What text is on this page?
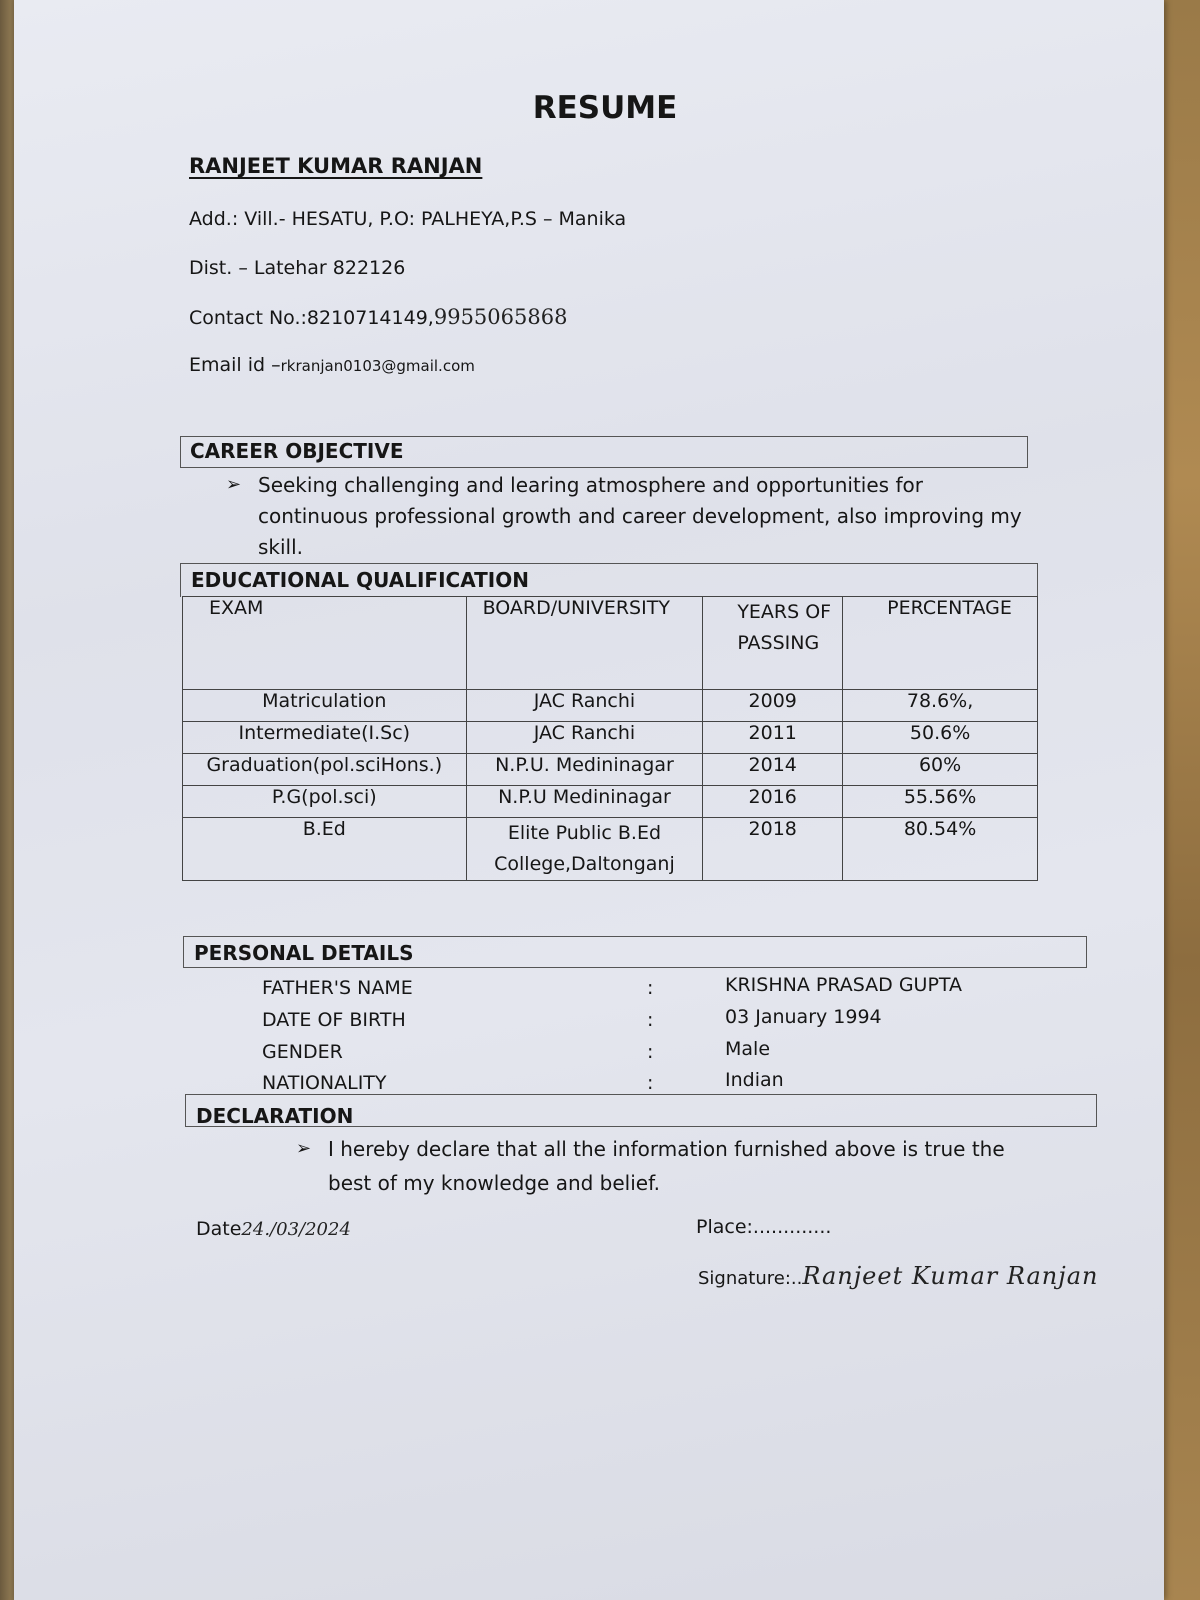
RESUME
RANJEET KUMAR RANJAN
Add.: Vill.- HESATU, P.O: PALHEYA,P.S – Manika
Dist. – Latehar 822126
Contact No.:8210714149,9955065868
Email id –rkranjan0103@gmail.com
CAREER OBJECTIVE
➢ Seeking challenging and learing atmosphere and opportunities for continuous professional growth and career development, also improving my skill.
EDUCATIONAL QUALIFICATION
EXAM	BOARD/UNIVERSITY	YEARS OF PASSING	PERCENTAGE
Matriculation	JAC Ranchi	2009	78.6%,
Intermediate(I.Sc)	JAC Ranchi	2011	50.6%
Graduation(pol.sciHons.)	N.P.U. Medininagar	2014	60%
P.G(pol.sci)	N.P.U Medininagar	2016	55.56%
B.Ed	Elite Public B.Ed College,Daltonganj	2018	80.54%
PERSONAL DETAILS
FATHER'S NAME	:	KRISHNA PRASAD GUPTA
DATE OF BIRTH	:	03 January 1994
GENDER	:	Male
NATIONALITY	:	Indian
DECLARATION
➢ I hereby declare that all the information furnished above is true the best of my knowledge and belief.
Date24./03/2024	Place:.............
Signature:..Ranjeet Kumar Ranjan
